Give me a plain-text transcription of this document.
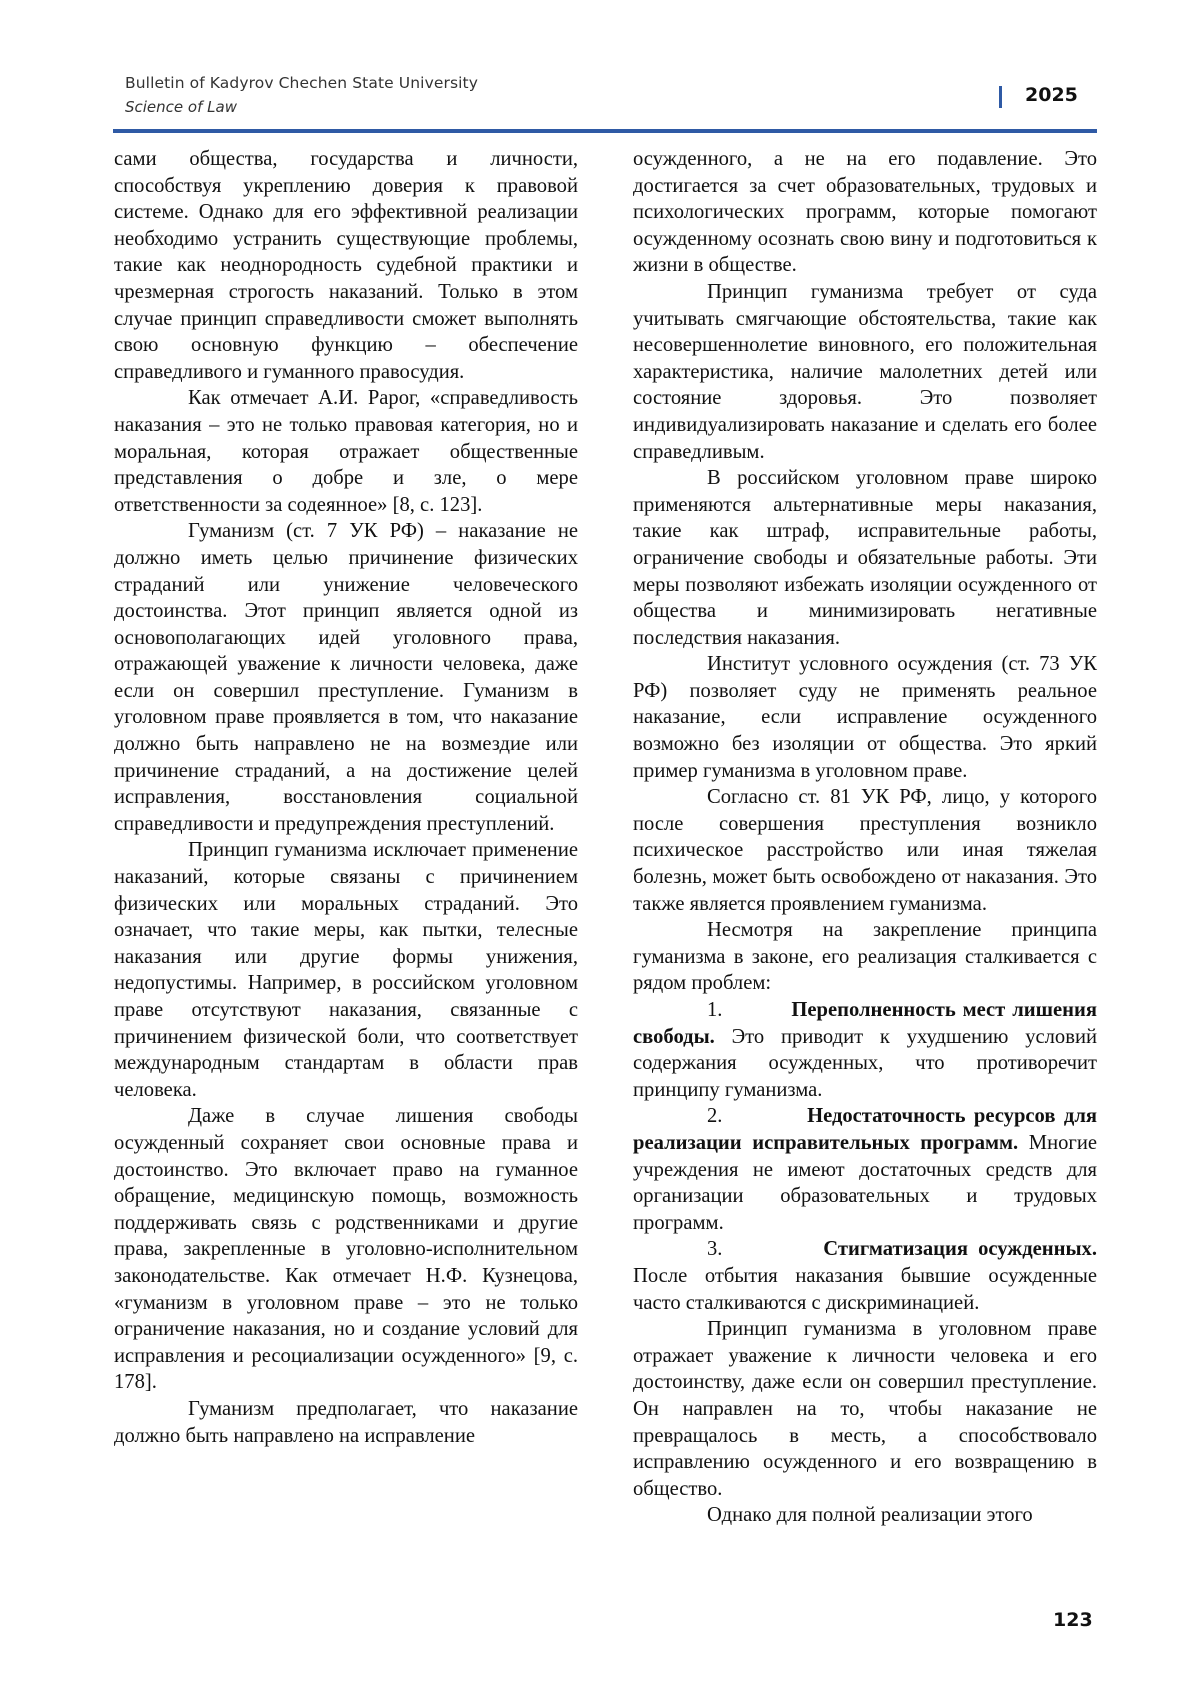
Bulletin of Kadyrov Chechen State University
Science of Law
2025

сами общества, государства и личности, способствуя укреплению доверия к правовой системе. Однако для его эффективной реализации необходимо устранить существующие проблемы, такие как неоднородность судебной практики и чрезмерная строгость наказаний. Только в этом случае принцип справедливости сможет выполнять свою основную функцию – обеспечение справедливого и гуманного правосудия.

Как отмечает А.И. Рарог, «справедливость наказания – это не только правовая категория, но и моральная, которая отражает общественные представления о добре и зле, о мере ответственности за содеянное» [8, с. 123].

Гуманизм (ст. 7 УК РФ) – наказание не должно иметь целью причинение физических страданий или унижение человеческого достоинства. Этот принцип является одной из основополагающих идей уголовного права, отражающей уважение к личности человека, даже если он совершил преступление. Гуманизм в уголовном праве проявляется в том, что наказание должно быть направлено не на возмездие или причинение страданий, а на достижение целей исправления, восстановления социальной справедливости и предупреждения преступлений.

Принцип гуманизма исключает применение наказаний, которые связаны с причинением физических или моральных страданий. Это означает, что такие меры, как пытки, телесные наказания или другие формы унижения, недопустимы. Например, в российском уголовном праве отсутствуют наказания, связанные с причинением физической боли, что соответствует международным стандартам в области прав человека.

Даже в случае лишения свободы осужденный сохраняет свои основные права и достоинство. Это включает право на гуманное обращение, медицинскую помощь, возможность поддерживать связь с родственниками и другие права, закрепленные в уголовно-исполнительном законодательстве. Как отмечает Н.Ф. Кузнецова, «гуманизм в уголовном праве – это не только ограничение наказания, но и создание условий для исправления и ресоциализации осужденного» [9, с. 178].

Гуманизм предполагает, что наказание должно быть направлено на исправление

осужденного, а не на его подавление. Это достигается за счет образовательных, трудовых и психологических программ, которые помогают осужденному осознать свою вину и подготовиться к жизни в обществе.

Принцип гуманизма требует от суда учитывать смягчающие обстоятельства, такие как несовершеннолетие виновного, его положительная характеристика, наличие малолетних детей или состояние здоровья. Это позволяет индивидуализировать наказание и сделать его более справедливым.

В российском уголовном праве широко применяются альтернативные меры наказания, такие как штраф, исправительные работы, ограничение свободы и обязательные работы. Эти меры позволяют избежать изоляции осужденного от общества и минимизировать негативные последствия наказания.

Институт условного осуждения (ст. 73 УК РФ) позволяет суду не применять реальное наказание, если исправление осужденного возможно без изоляции от общества. Это яркий пример гуманизма в уголовном праве.

Согласно ст. 81 УК РФ, лицо, у которого после совершения преступления возникло психическое расстройство или иная тяжелая болезнь, может быть освобождено от наказания. Это также является проявлением гуманизма.

Несмотря на закрепление принципа гуманизма в законе, его реализация сталкивается с рядом проблем:

1.	Переполненность мест лишения свободы. Это приводит к ухудшению условий содержания осужденных, что противоречит принципу гуманизма.

2.	Недостаточность ресурсов для реализации исправительных программ. Многие учреждения не имеют достаточных средств для организации образовательных и трудовых программ.

3.	Стигматизация осужденных. После отбытия наказания бывшие осужденные часто сталкиваются с дискриминацией.

Принцип гуманизма в уголовном праве отражает уважение к личности человека и его достоинству, даже если он совершил преступление. Он направлен на то, чтобы наказание не превращалось в месть, а способствовало исправлению осужденного и его возвращению в общество.

Однако для полной реализации этого

123
